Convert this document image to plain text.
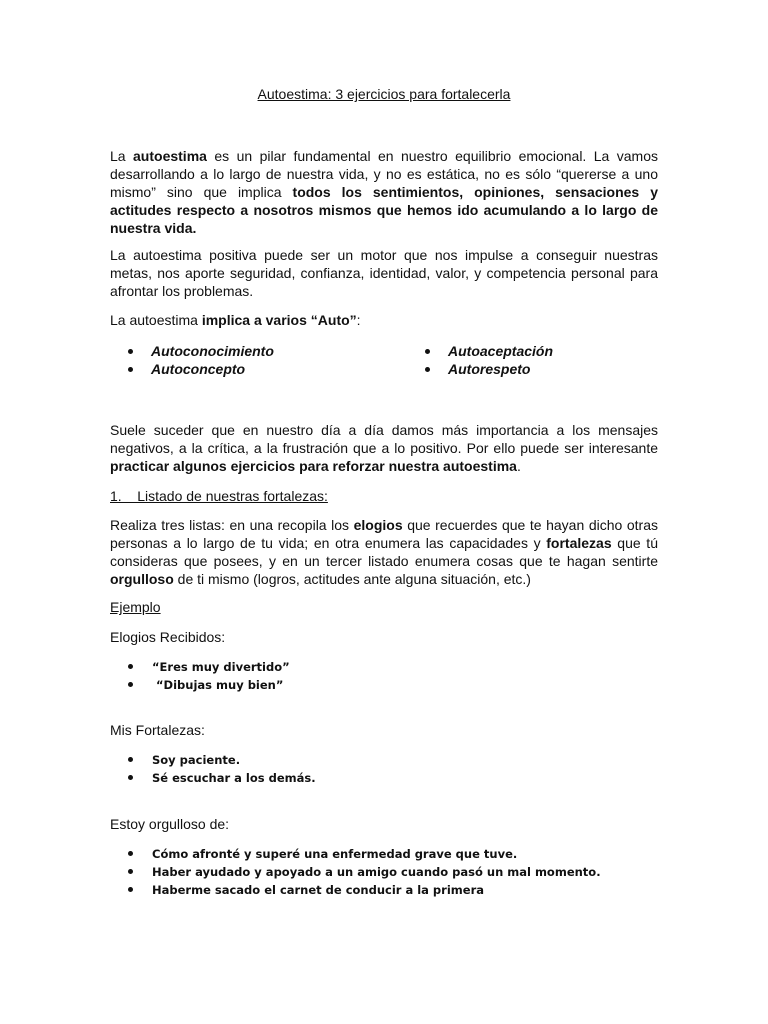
Autoestima: 3 ejercicios para fortalecerla

La autoestima es un pilar fundamental en nuestro equilibrio emocional. La vamos desarrollando a lo largo de nuestra vida, y no es estática, no es sólo “quererse a uno mismo” sino que implica todos los sentimientos, opiniones, sensaciones y actitudes respecto a nosotros mismos que hemos ido acumulando a lo largo de nuestra vida.

La autoestima positiva puede ser un motor que nos impulse a conseguir nuestras metas, nos aporte seguridad, confianza, identidad, valor, y competencia personal para afrontar los problemas.

La autoestima implica a varios “Auto”:

Autoconocimiento
Autoconcepto
Autoaceptación
Autorespeto

Suele suceder que en nuestro día a día damos más importancia a los mensajes negativos, a la crítica, a la frustración que a lo positivo. Por ello puede ser interesante practicar algunos ejercicios para reforzar nuestra autoestima.

1.    Listado de nuestras fortalezas:

Realiza tres listas: en una recopila los elogios que recuerdes que te hayan dicho otras personas a lo largo de tu vida; en otra enumera las capacidades y fortalezas que tú consideras que posees, y en un tercer listado enumera cosas que te hagan sentirte orgulloso de ti mismo (logros, actitudes ante alguna situación, etc.)

Ejemplo
Elogios Recibidos:
“Eres muy divertido”
“Dibujas muy bien”
Mis Fortalezas:
Soy paciente.
Sé escuchar a los demás.
Estoy orgulloso de:
Cómo afronté y superé una enfermedad grave que tuve.
Haber ayudado y apoyado a un amigo cuando pasó un mal momento.
Haberme sacado el carnet de conducir a la primera
